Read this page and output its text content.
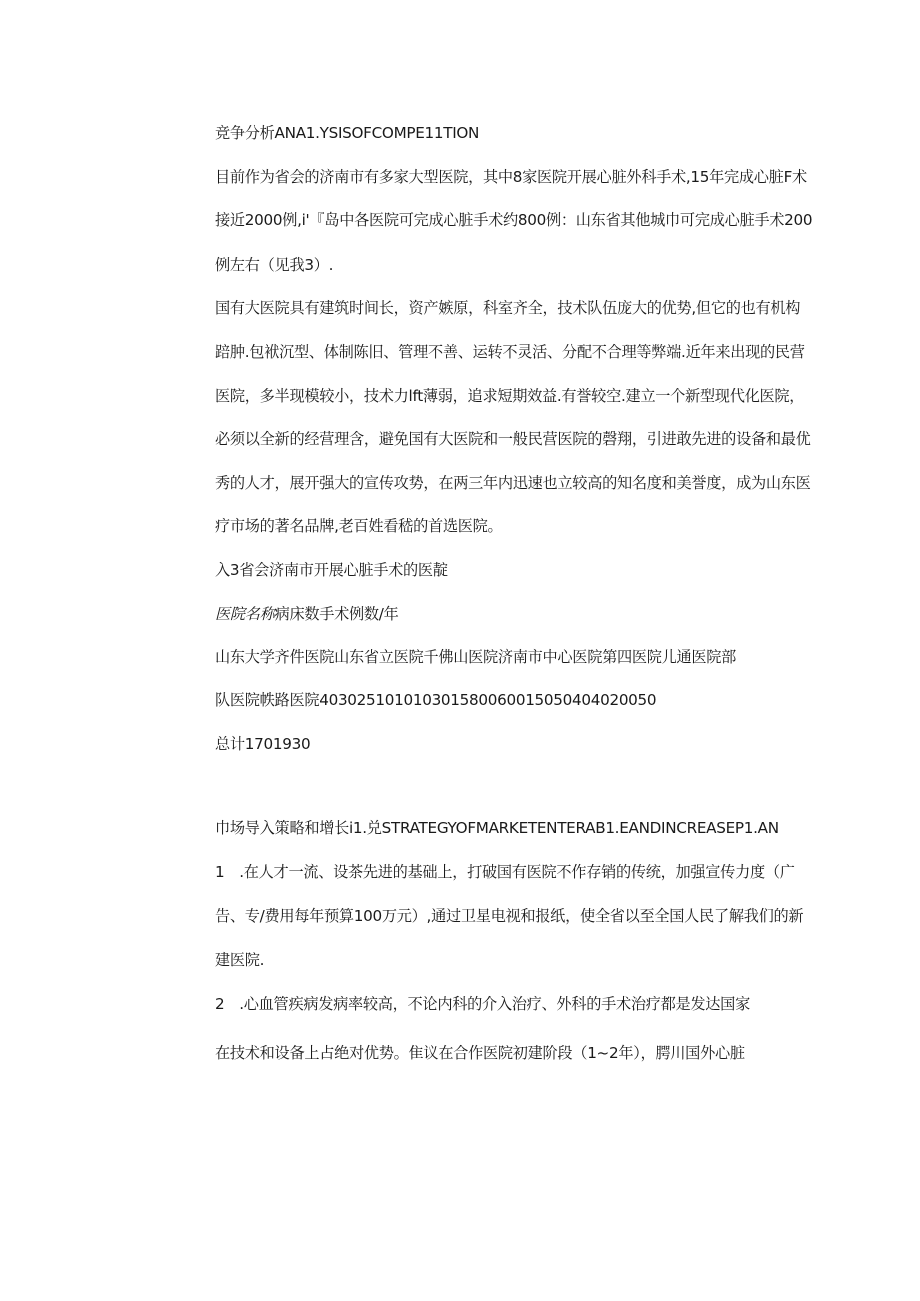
竞争分析ANA1.YSISOFCOMPE11TION
目前作为省会的济南市有多家大型医院，其中8家医院开展心脏外科手术,15年完成心脏F术
接近2000例,i'『岛中各医院可完成心脏手术约800例：山东省其他城巾可完成心脏手术200
例左右（见我3）.
国有大医院具有建筑时间长，资产嫉原，科室齐全，技术队伍庞大的优势,但它的也有机构
踣肿.包袱沉型、体制陈旧、管理不善、运转不灵活、分配不合理等弊端.近年来出现的民营
医院，多半现模较小，技术力lft薄弱，追求短期效益.有誉较空.建立一个新型现代化医院，
必须以全新的经营理含，避免国有大医院和一般民营医院的磬翔，引进敢先进的设备和最优
秀的人才，展开强大的宣传攻势，在两三年内迅速也立较高的知名度和美誉度，成为山东医
疗市场的著名品牌,老百姓看嵇的首选医院。
入3省会济南市开展心脏手术的医靛
医院名称病床数手术例数/年
山东大学齐件医院山东省立医院千佛山医院济南市中心医院第四医院儿通医院部
队医院帙路医院403025101010301580060015050404020050
总计1701930
巾场导入策略和增长i1.兑STRATEGYOFMARKETENTERAB1.EANDINCREASEP1.AN
1　.在人才一流、设茶先进的基础上，打破国有医院不作存销的传统，加强宣传力度（广
告、专/费用每年预算100万元）,通过卫星电视和报纸，使全省以至全国人民了解我们的新
建医院.
2　.心血管疾病发病率较高，不论内科的介入治疗、外科的手术治疗都是发达国家
在技术和设备上占绝对优势。隹议在合作医院初建阶段（1~2年），腭川国外心脏
